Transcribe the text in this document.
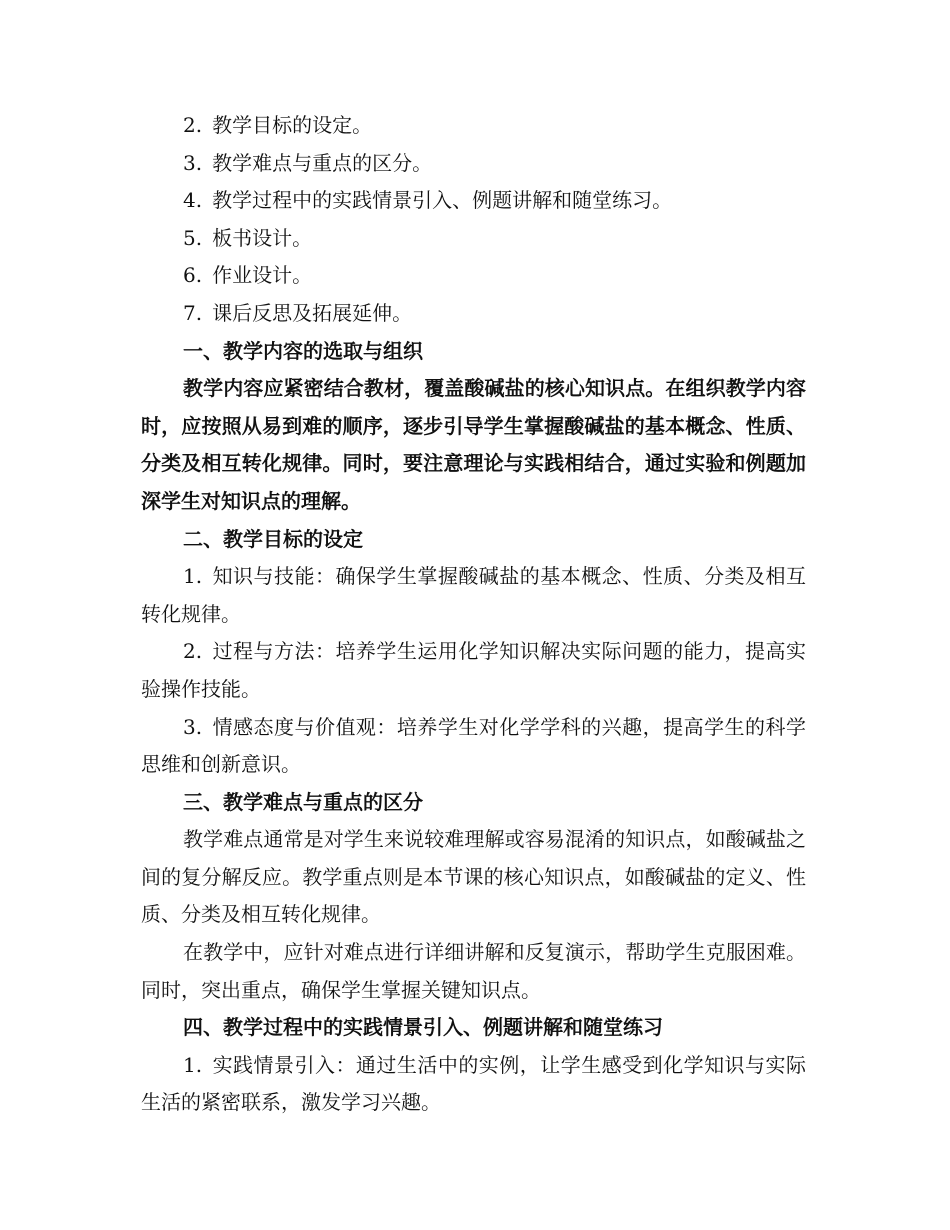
2. 教学目标的设定。

3. 教学难点与重点的区分。

4. 教学过程中的实践情景引入、例题讲解和随堂练习。

5. 板书设计。

6. 作业设计。

7. 课后反思及拓展延伸。

一、教学内容的选取与组织

教学内容应紧密结合教材，覆盖酸碱盐的核心知识点。在组织教学内容时，应按照从易到难的顺序，逐步引导学生掌握酸碱盐的基本概念、性质、分类及相互转化规律。同时，要注意理论与实践相结合，通过实验和例题加深学生对知识点的理解。

二、教学目标的设定

1. 知识与技能：确保学生掌握酸碱盐的基本概念、性质、分类及相互转化规律。

2. 过程与方法：培养学生运用化学知识解决实际问题的能力，提高实验操作技能。

3. 情感态度与价值观：培养学生对化学学科的兴趣，提高学生的科学思维和创新意识。

三、教学难点与重点的区分

教学难点通常是对学生来说较难理解或容易混淆的知识点，如酸碱盐之间的复分解反应。教学重点则是本节课的核心知识点，如酸碱盐的定义、性质、分类及相互转化规律。

在教学中，应针对难点进行详细讲解和反复演示，帮助学生克服困难。同时，突出重点，确保学生掌握关键知识点。

四、教学过程中的实践情景引入、例题讲解和随堂练习

1. 实践情景引入：通过生活中的实例，让学生感受到化学知识与实际生活的紧密联系，激发学习兴趣。
